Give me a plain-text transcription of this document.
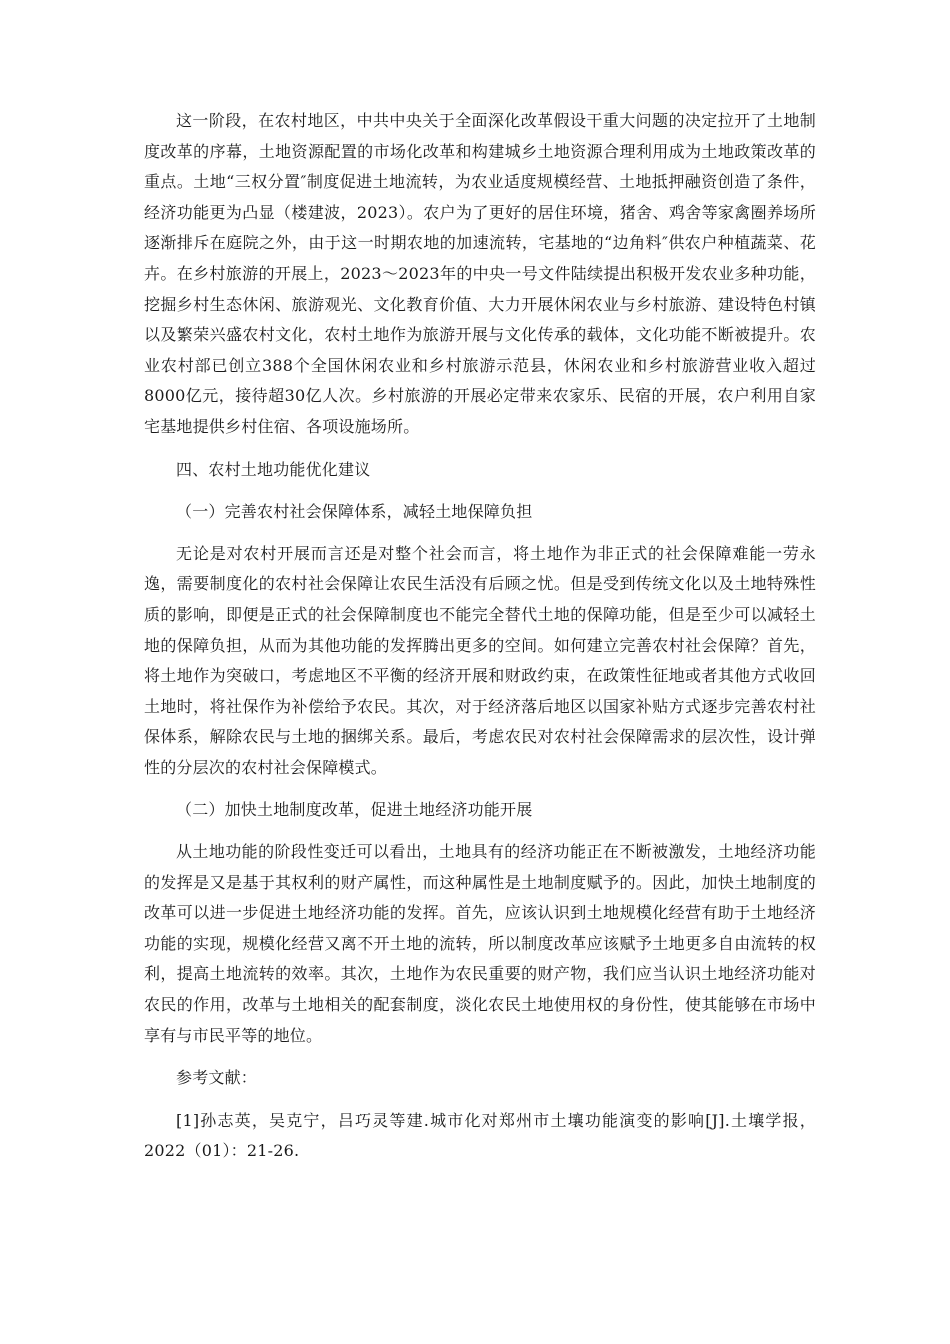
这一阶段，在农村地区，中共中央关于全面深化改革假设干重大问题的决定拉开了土地制度改革的序幕，土地资源配置的市场化改革和构建城乡土地资源合理利用成为土地政策改革的重点。土地“三权分置″制度促进土地流转，为农业适度规模经营、土地抵押融资创造了条件，经济功能更为凸显（楼建波，2023）。农户为了更好的居住环境，猪舍、鸡舍等家禽圈养场所逐渐排斥在庭院之外，由于这一时期农地的加速流转，宅基地的“边角料″供农户种植蔬菜、花卉。在乡村旅游的开展上，2023～2023年的中央一号文件陆续提出积极开发农业多种功能，挖掘乡村生态休闲、旅游观光、文化教育价值、大力开展休闲农业与乡村旅游、建设特色村镇以及繁荣兴盛农村文化，农村土地作为旅游开展与文化传承的载体，文化功能不断被提升。农业农村部已创立388个全国休闲农业和乡村旅游示范县，休闲农业和乡村旅游营业收入超过8000亿元，接待超30亿人次。乡村旅游的开展必定带来农家乐、民宿的开展，农户利用自家宅基地提供乡村住宿、各项设施场所。

四、农村土地功能优化建议

（一）完善农村社会保障体系，减轻土地保障负担

无论是对农村开展而言还是对整个社会而言，将土地作为非正式的社会保障难能一劳永逸，需要制度化的农村社会保障让农民生活没有后顾之忧。但是受到传统文化以及土地特殊性质的影响，即便是正式的社会保障制度也不能完全替代土地的保障功能，但是至少可以减轻土地的保障负担，从而为其他功能的发挥腾出更多的空间。如何建立完善农村社会保障？首先，将土地作为突破口，考虑地区不平衡的经济开展和财政约束，在政策性征地或者其他方式收回土地时，将社保作为补偿给予农民。其次，对于经济落后地区以国家补贴方式逐步完善农村社保体系，解除农民与土地的捆绑关系。最后，考虑农民对农村社会保障需求的层次性，设计弹性的分层次的农村社会保障模式。

（二）加快土地制度改革，促进土地经济功能开展

从土地功能的阶段性变迁可以看出，土地具有的经济功能正在不断被激发，土地经济功能的发挥是又是基于其权利的财产属性，而这种属性是土地制度赋予的。因此，加快土地制度的改革可以进一步促进土地经济功能的发挥。首先，应该认识到土地规模化经营有助于土地经济功能的实现，规模化经营又离不开土地的流转，所以制度改革应该赋予土地更多自由流转的权利，提高土地流转的效率。其次，土地作为农民重要的财产物，我们应当认识土地经济功能对农民的作用，改革与土地相关的配套制度，淡化农民土地使用权的身份性，使其能够在市场中享有与市民平等的地位。

参考文献：

[1]孙志英，吴克宁，吕巧灵等建.城市化对郑州市土壤功能演变的影响[J].土壤学报，2022（01）：21-26.
